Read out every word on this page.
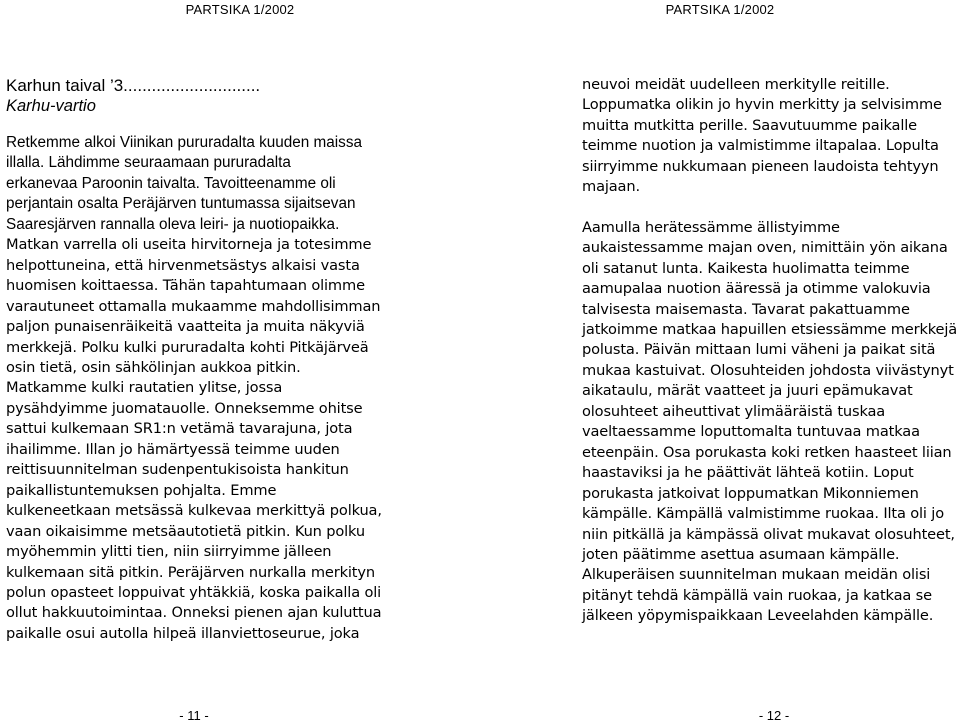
PARTSIKA 1/2002
Karhun taival ’3.............................
Karhu-vartio
Retkemme alkoi Viinikan pururadalta kuuden maissa
illalla. Lähdimme seuraamaan pururadalta
erkanevaa Paroonin taivalta. Tavoitteenamme oli
perjantain osalta Peräjärven tuntumassa sijaitsevan
Saaresjärven rannalla oleva leiri- ja nuotiopaikka.
Matkan varrella oli useita hirvitorneja ja totesimme
helpottuneina, että hirvenmetsästys alkaisi vasta
huomisen koittaessa. Tähän tapahtumaan olimme
varautuneet ottamalla mukaamme mahdollisimman
paljon punaisenräikeitä vaatteita ja muita näkyviä
merkkejä. Polku kulki pururadalta kohti Pitkäjärveä
osin tietä, osin sähkölinjan aukkoa pitkin.
Matkamme kulki rautatien ylitse, jossa
pysähdyimme juomatauolle. Onneksemme ohitse
sattui kulkemaan SR1:n vetämä tavarajuna, jota
ihailimme. Illan jo hämärtyessä teimme uuden
reittisuunnitelman sudenpentukisoista hankitun
paikallistuntemuksen pohjalta. Emme
kulkeneetkaan metsässä kulkevaa merkittyä polkua,
vaan oikaisimme metsäautotietä pitkin. Kun polku
myöhemmin ylitti tien, niin siirryimme jälleen
kulkemaan sitä pitkin. Peräjärven nurkalla merkityn
polun opasteet loppuivat yhtäkkiä, koska paikalla oli
ollut hakkuutoimintaa. Onneksi pienen ajan kuluttua
paikalle osui autolla hilpeä illanviettoseurue, joka
- 11 -
PARTSIKA 1/2002
neuvoi meidät uudelleen merkitylle reitille.
Loppumatka olikin jo hyvin merkitty ja selvisimme
muitta mutkitta perille. Saavutuumme paikalle
teimme nuotion ja valmistimme iltapalaa. Lopulta
siirryimme nukkumaan pieneen laudoista tehtyyn
majaan.
Aamulla herätessämme ällistyimme
aukaistessamme majan oven, nimittäin yön aikana
oli satanut lunta. Kaikesta huolimatta teimme
aamupalaa nuotion ääressä ja otimme valokuvia
talvisesta maisemasta. Tavarat pakattuamme
jatkoimme matkaa hapuillen etsiessämme merkkejä
polusta. Päivän mittaan lumi väheni ja paikat sitä
mukaa kastuivat. Olosuhteiden johdosta viivästynyt
aikataulu, märät vaatteet ja juuri epämukavat
olosuhteet aiheuttivat ylimääräistä tuskaa
vaeltaessamme loputtomalta tuntuvaa matkaa
eteenpäin. Osa porukasta koki retken haasteet liian
haastaviksi ja he päättivät lähteä kotiin. Loput
porukasta jatkoivat loppumatkan Mikonniemen
kämpälle. Kämpällä valmistimme ruokaa. Ilta oli jo
niin pitkällä ja kämpässä olivat mukavat olosuhteet,
joten päätimme asettua asumaan kämpälle.
Alkuperäisen suunnitelman mukaan meidän olisi
pitänyt tehdä kämpällä vain ruokaa, ja katkaa se
jälkeen yöpymispaikkaan Leveelahden kämpälle.
- 12 -
